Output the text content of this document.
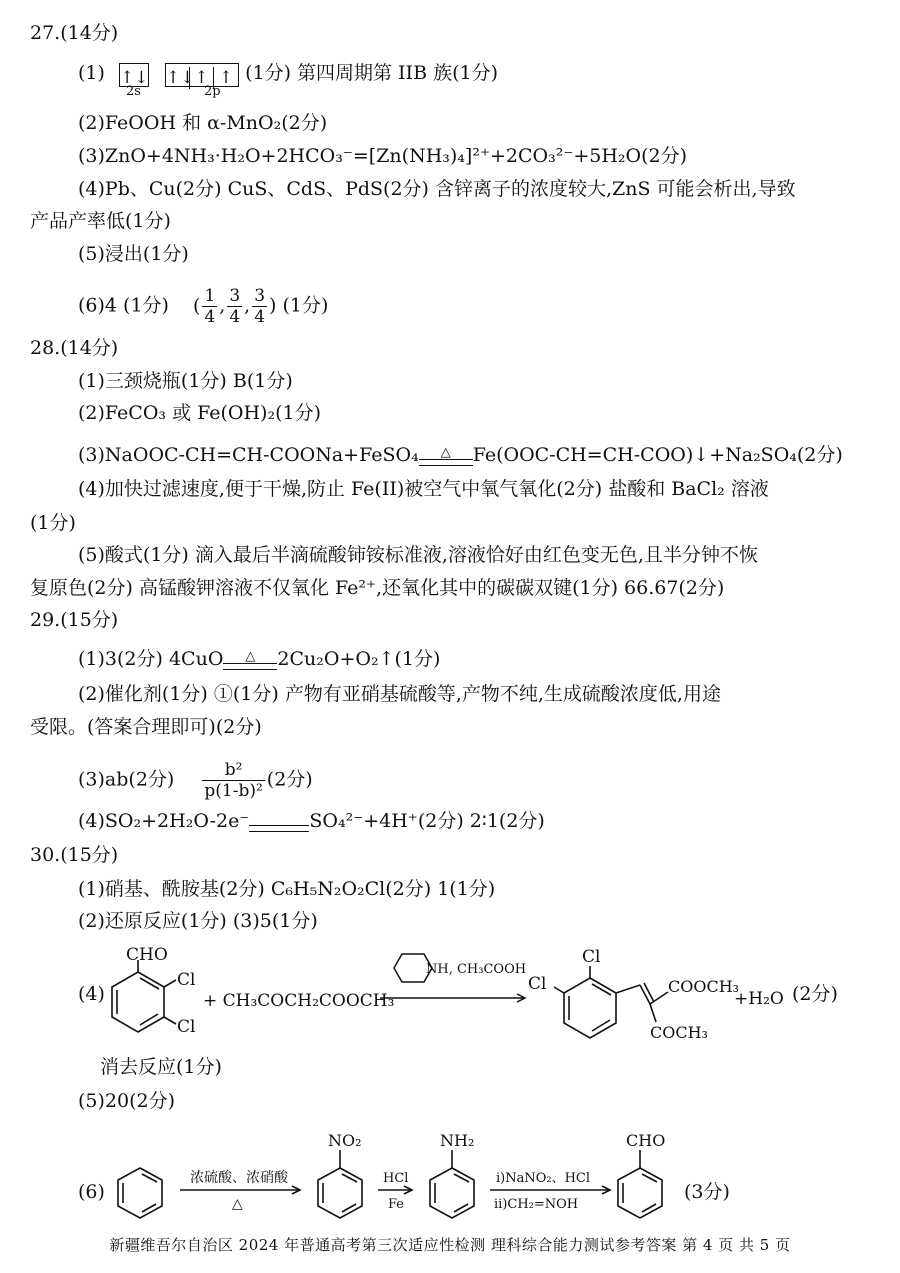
27.(14分)
(1) ↑↓ ↑↓↑ ↑ (1分) 第四周期第 IIB 族(1分)
2s	2p
(2)FeOOH 和 α-MnO₂(2分)
(3)ZnO+4NH₃·H₂O+2HCO₃⁻=[Zn(NH₃)₄]²⁺+2CO₃²⁻+5H₂O(2分)
(4)Pb、Cu(2分) CuS、CdS、PdS(2分) 含锌离子的浓度较大,ZnS 可能会析出,导致
产品产率低(1分)
(5)浸出(1分)
(6)4 (1分) ( $\frac{1}{4}$ , $\frac{3}{4}$ , $\frac{3}{4}$ ) (1分)
28.(14分)
(1)三颈烧瓶(1分) B(1分)
(2)FeCO₃ 或 Fe(OH)₂(1分)
(3)NaOOC-CH=CH-COONa+FeSO₄	△	Fe(OOC-CH=CH-COO)↓+Na₂SO₄(2分)
(4)加快过滤速度,便于干燥,防止 Fe(II)被空气中氧气氧化(2分) 盐酸和 BaCl₂ 溶液
(1分)
(5)酸式(1分) 滴入最后半滴硫酸铈铵标准液,溶液恰好由红色变无色,且半分钟不恢
复原色(2分) 高锰酸钾溶液不仅氧化 Fe²⁺,还氧化其中的碳碳双键(1分) 66.67(2分)
29.(15分)
(1)3(2分) 4CuO	△	2Cu₂O+O₂↑(1分)
(2)催化剂(1分) ①(1分) 产物有亚硝基硫酸等,产物不纯,生成硫酸浓度低,用途
受限。(答案合理即可)(2分)
(3)ab(2分) $\frac{\text{b²}}{\text{p(1-b)²}} (2$分)
(4)SO₂+2H₂O-2e⁻
	SO₄²⁻+4H⁺(2分) 2∶1(2分)
30.(15分)
(1)硝基、酰胺基(2分) C₆H₅N₂O₂Cl(2分) 1(1分)
(2)还原反应(1分) (3)5(1分)
(4)
CHO
Cl
Cl
+ CH₃COCH₂COOCH₃
NH, CH₃COOH
Cl
Cl
COOCH₃
COCH₃
+H₂O (2分)
消去反应(1分)
(5)20(2分)
(6)
浓硫酸、浓硝酸
△
NO₂
HCl
Fe
NH₂
i)NaNO₂、HCl
ii)CH₂=NOH
CHO
(3分)
新疆维吾尔自治区 2024 年普通高考第三次适应性检测 理科综合能力测试参考答案 第 4 页 共 5 页
